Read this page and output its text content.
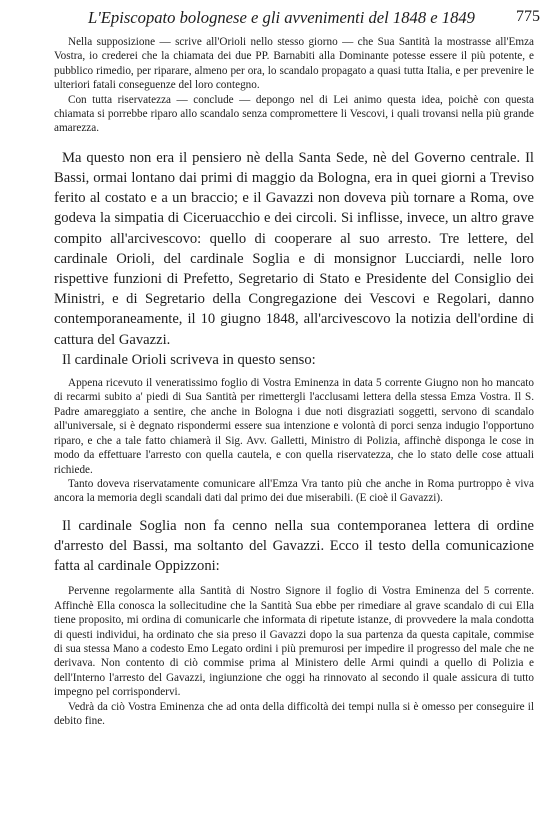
L'Episcopato bolognese e gli avvenimenti del 1848 e 1849	775

Nella supposizione — scrive all'Orioli nello stesso giorno — che Sua Santità la mostrasse all'Emza Vostra, io crederei che la chiamata dei due PP. Barnabiti alla Dominante potesse essere il più potente, e pubblico rimedio, per riparare, almeno per ora, lo scandalo propagato a quasi tutta Italia, e per prevenire le ulteriori fatali conseguenze del loro contegno.

Con tutta riservatezza — conclude — depongo nel di Lei animo questa idea, poichè con questa chiamata si porrebbe riparo allo scandalo senza compromettere li Vescovi, i quali trovansi nella più grande amarezza.

Ma questo non era il pensiero nè della Santa Sede, nè del Governo centrale. Il Bassi, ormai lontano dai primi di maggio da Bologna, era in quei giorni a Treviso ferito al costato e a un braccio; e il Gavazzi non doveva più tornare a Roma, ove godeva la simpatia di Ciceruacchio e dei circoli. Si inflisse, invece, un altro grave compito all'arcivescovo: quello di cooperare al suo arresto. Tre lettere, del cardinale Orioli, del cardinale Soglia e di monsignor Lucciardi, nelle loro rispettive funzioni di Prefetto, Segretario di Stato e Presidente del Consiglio dei Ministri, e di Segretario della Congregazione dei Vescovi e Regolari, danno contemporaneamente, il 10 giugno 1848, all'arcivescovo la notizia dell'ordine di cattura del Gavazzi.

Il cardinale Orioli scriveva in questo senso:

Appena ricevuto il veneratissimo foglio di Vostra Eminenza in data 5 corrente Giugno non ho mancato di recarmi subito a' piedi di Sua Santità per rimettergli l'acclusami lettera della stessa Emza Vostra. Il S. Padre amareggiato a sentire, che anche in Bologna i due noti disgraziati soggetti, servono di scandalo all'universale, si è degnato rispondermi essere sua intenzione e volontà di porci senza indugio l'opportuno riparo, e che a tale fatto chiamerà il Sig. Avv. Galletti, Ministro di Polizia, affinchè disponga le cose in modo da effettuare l'arresto con quella cautela, e con quella riservatezza, che lo stato delle cose attuali richiede.

Tanto doveva riservatamente comunicare all'Emza Vra tanto più che anche in Roma purtroppo è viva ancora la memoria degli scandali dati dal primo dei due miserabili. (E cioè il Gavazzi).

Il cardinale Soglia non fa cenno nella sua contemporanea lettera di ordine d'arresto del Bassi, ma soltanto del Gavazzi. Ecco il testo della comunicazione fatta al cardinale Oppizzoni:

Pervenne regolarmente alla Santità di Nostro Signore il foglio di Vostra Eminenza del 5 corrente. Affinchè Ella conosca la sollecitudine che la Santità Sua ebbe per rimediare al grave scandalo di cui Ella tiene proposito, mi ordina di comunicarle che informata di ripetute istanze, di provvedere la mala condotta di questi individui, ha ordinato che sia preso il Gavazzi dopo la sua partenza da questa capitale, commise di sua stessa Mano a codesto Emo Legato ordini i più premurosi per impedire il progresso del male che ne derivava. Non contento di ciò commise prima al Ministero delle Armi quindi a quello di Polizia e dell'Interno l'arresto del Gavazzi, ingiunzione che oggi ha rinnovato al secondo il quale assicura di tutto impegno pel corrispondervi.

Vedrà da ciò Vostra Eminenza che ad onta della difficoltà dei tempi nulla si è omesso per conseguire il debito fine.
